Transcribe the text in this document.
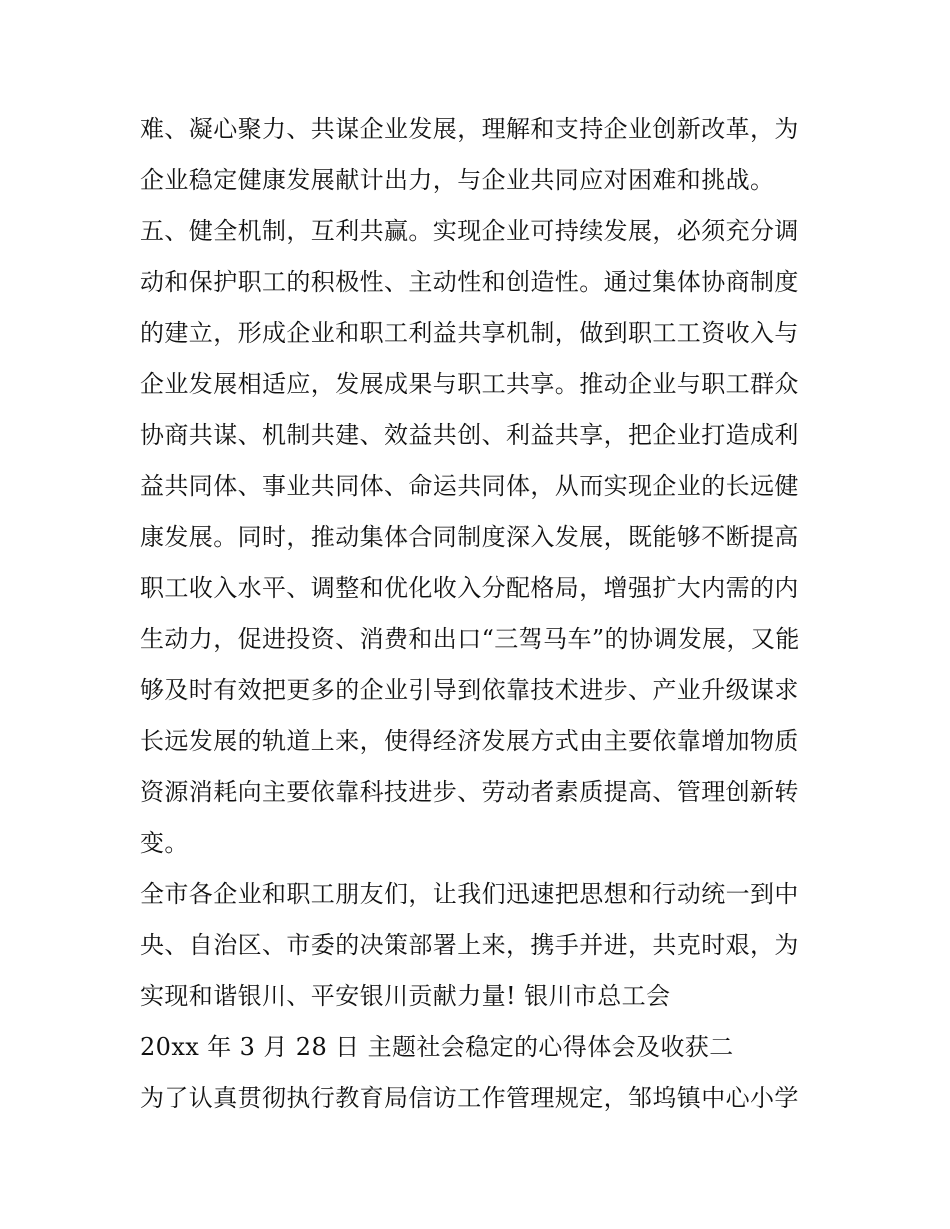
难、凝心聚力、共谋企业发展，理解和支持企业创新改革，为
企业稳定健康发展献计出力，与企业共同应对困难和挑战。
五、健全机制，互利共赢。实现企业可持续发展，必须充分调
动和保护职工的积极性、主动性和创造性。通过集体协商制度
的建立，形成企业和职工利益共享机制，做到职工工资收入与
企业发展相适应，发展成果与职工共享。推动企业与职工群众
协商共谋、机制共建、效益共创、利益共享，把企业打造成利
益共同体、事业共同体、命运共同体，从而实现企业的长远健
康发展。同时，推动集体合同制度深入发展，既能够不断提高
职工收入水平、调整和优化收入分配格局，增强扩大内需的内
生动力，促进投资、消费和出口“三驾马车”的协调发展，又能
够及时有效把更多的企业引导到依靠技术进步、产业升级谋求
长远发展的轨道上来，使得经济发展方式由主要依靠增加物质
资源消耗向主要依靠科技进步、劳动者素质提高、管理创新转
变。
全市各企业和职工朋友们，让我们迅速把思想和行动统一到中
央、自治区、市委的决策部署上来，携手并进，共克时艰，为
实现和谐银川、平安银川贡献力量! 银川市总工会
20xx 年 3 月 28 日 主题社会稳定的心得体会及收获二
为了认真贯彻执行教育局信访工作管理规定，邹坞镇中心小学
